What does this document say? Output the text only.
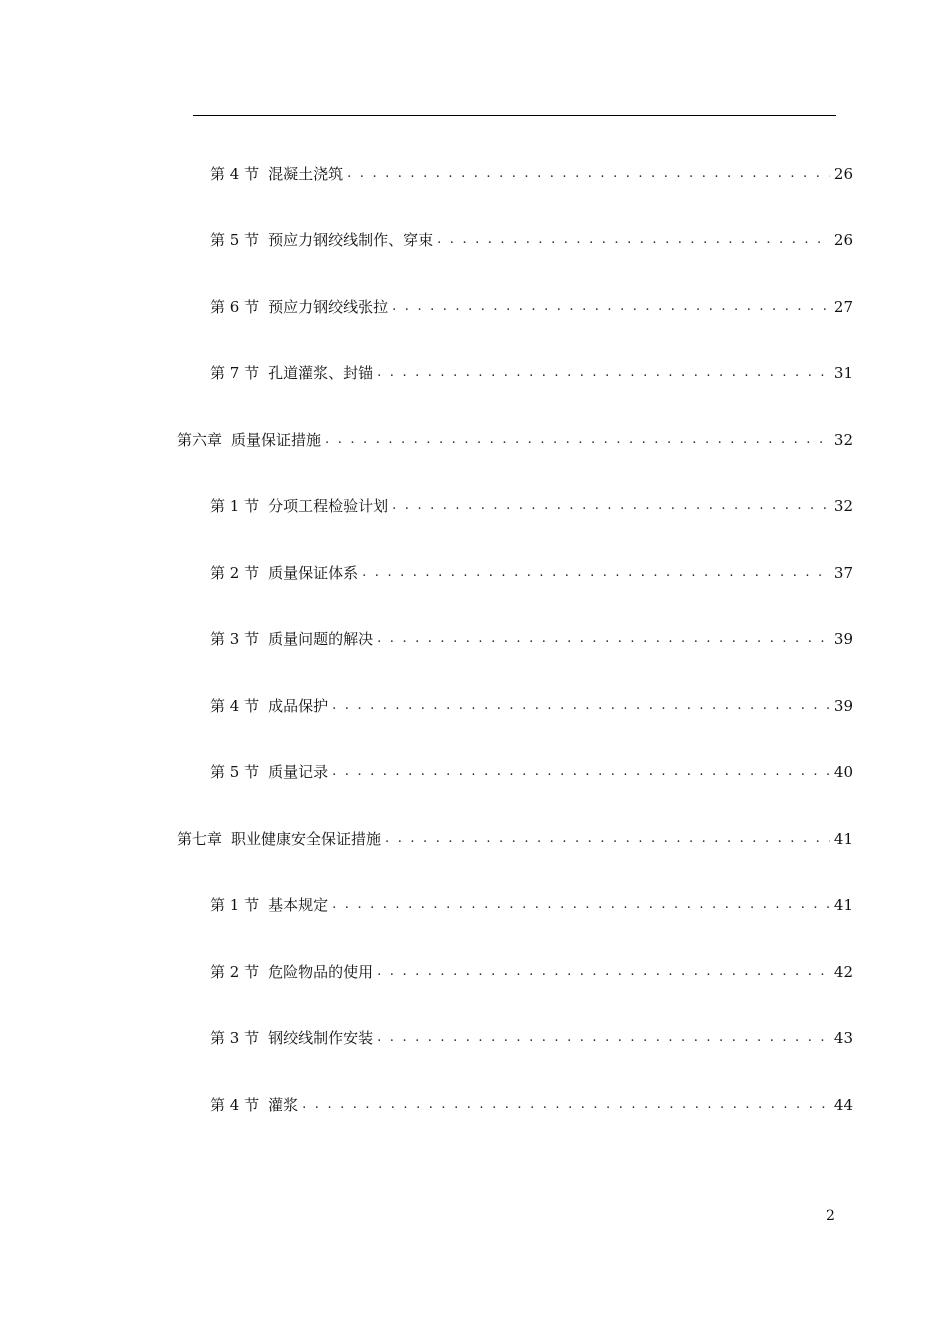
第 4 节 混凝土浇筑 . . .	26
第 5 节 预应力钢绞线制作、穿束 . . .	26
第 6 节 预应力钢绞线张拉 . . .	27
第 7 节 孔道灌浆、封锚 . . .	31
第六章 质量保证措施 . . .	32
第 1 节 分项工程检验计划 . . .	32
第 2 节 质量保证体系 . . .	37
第 3 节 质量问题的解决 . . .	39
第 4 节 成品保护 . . .	39
第 5 节 质量记录 . . .	40
第七章 职业健康安全保证措施 . . .	41
第 1 节 基本规定 . . .	41
第 2 节 危险物品的使用 . . .	42
第 3 节 钢绞线制作安装 . . .	43
第 4 节 灌浆 . . .	44
2
